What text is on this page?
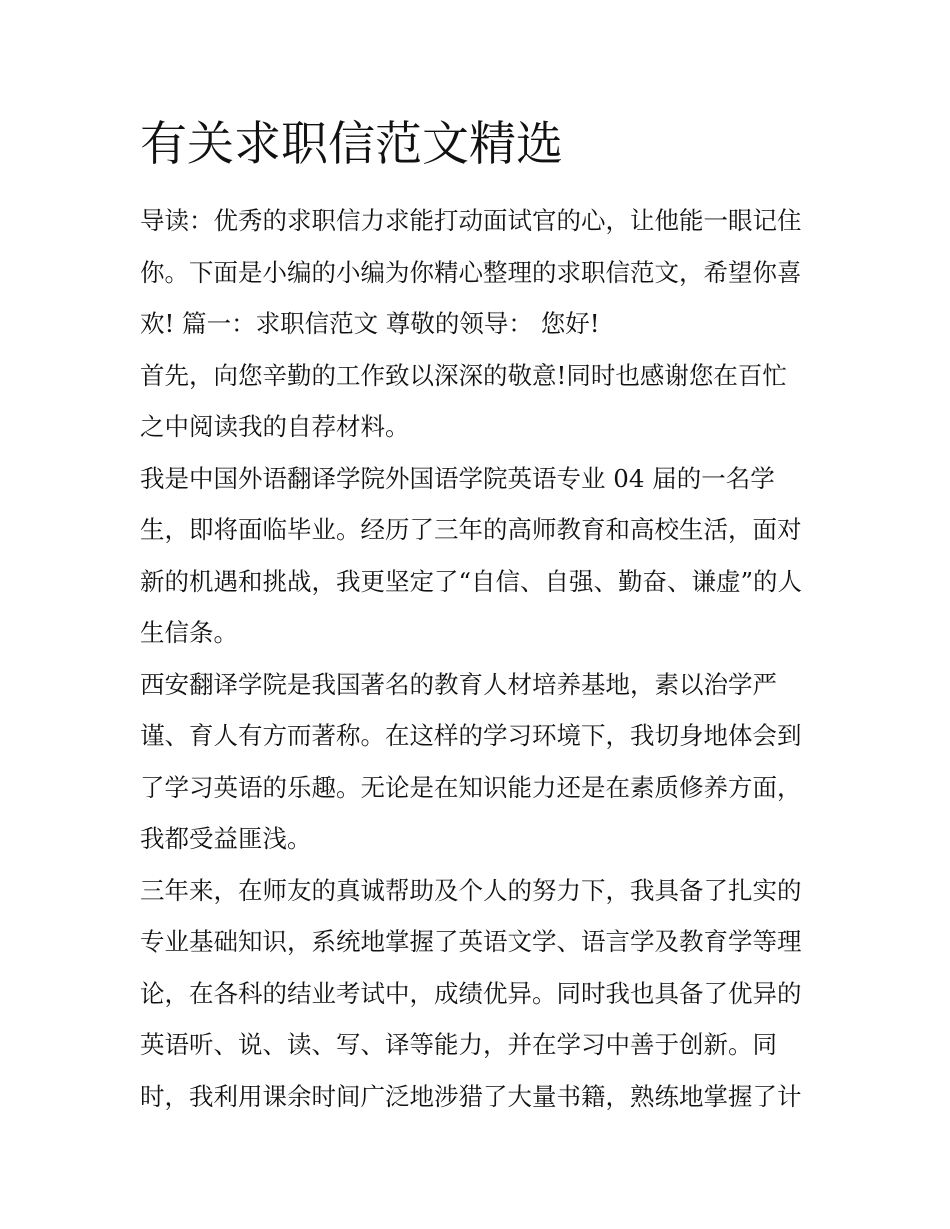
有关求职信范文精选
导读：优秀的求职信力求能打动面试官的心，让他能一眼记住
你。下面是小编的小编为你精心整理的求职信范文，希望你喜
欢! 篇一：求职信范文 尊敬的领导： 您好!
首先，向您辛勤的工作致以深深的敬意!同时也感谢您在百忙
之中阅读我的自荐材料。
我是中国外语翻译学院外国语学院英语专业 04 届的一名学
生，即将面临毕业。经历了三年的高师教育和高校生活，面对
新的机遇和挑战，我更坚定了“自信、自强、勤奋、谦虚”的人
生信条。
西安翻译学院是我国著名的教育人材培养基地，素以治学严
谨、育人有方而著称。在这样的学习环境下，我切身地体会到
了学习英语的乐趣。无论是在知识能力还是在素质修养方面，
我都受益匪浅。
三年来，在师友的真诚帮助及个人的努力下，我具备了扎实的
专业基础知识，系统地掌握了英语文学、语言学及教育学等理
论，在各科的结业考试中，成绩优异。同时我也具备了优异的
英语听、说、读、写、译等能力，并在学习中善于创新。同
时，我利用课余时间广泛地涉猎了大量书籍，熟练地掌握了计
